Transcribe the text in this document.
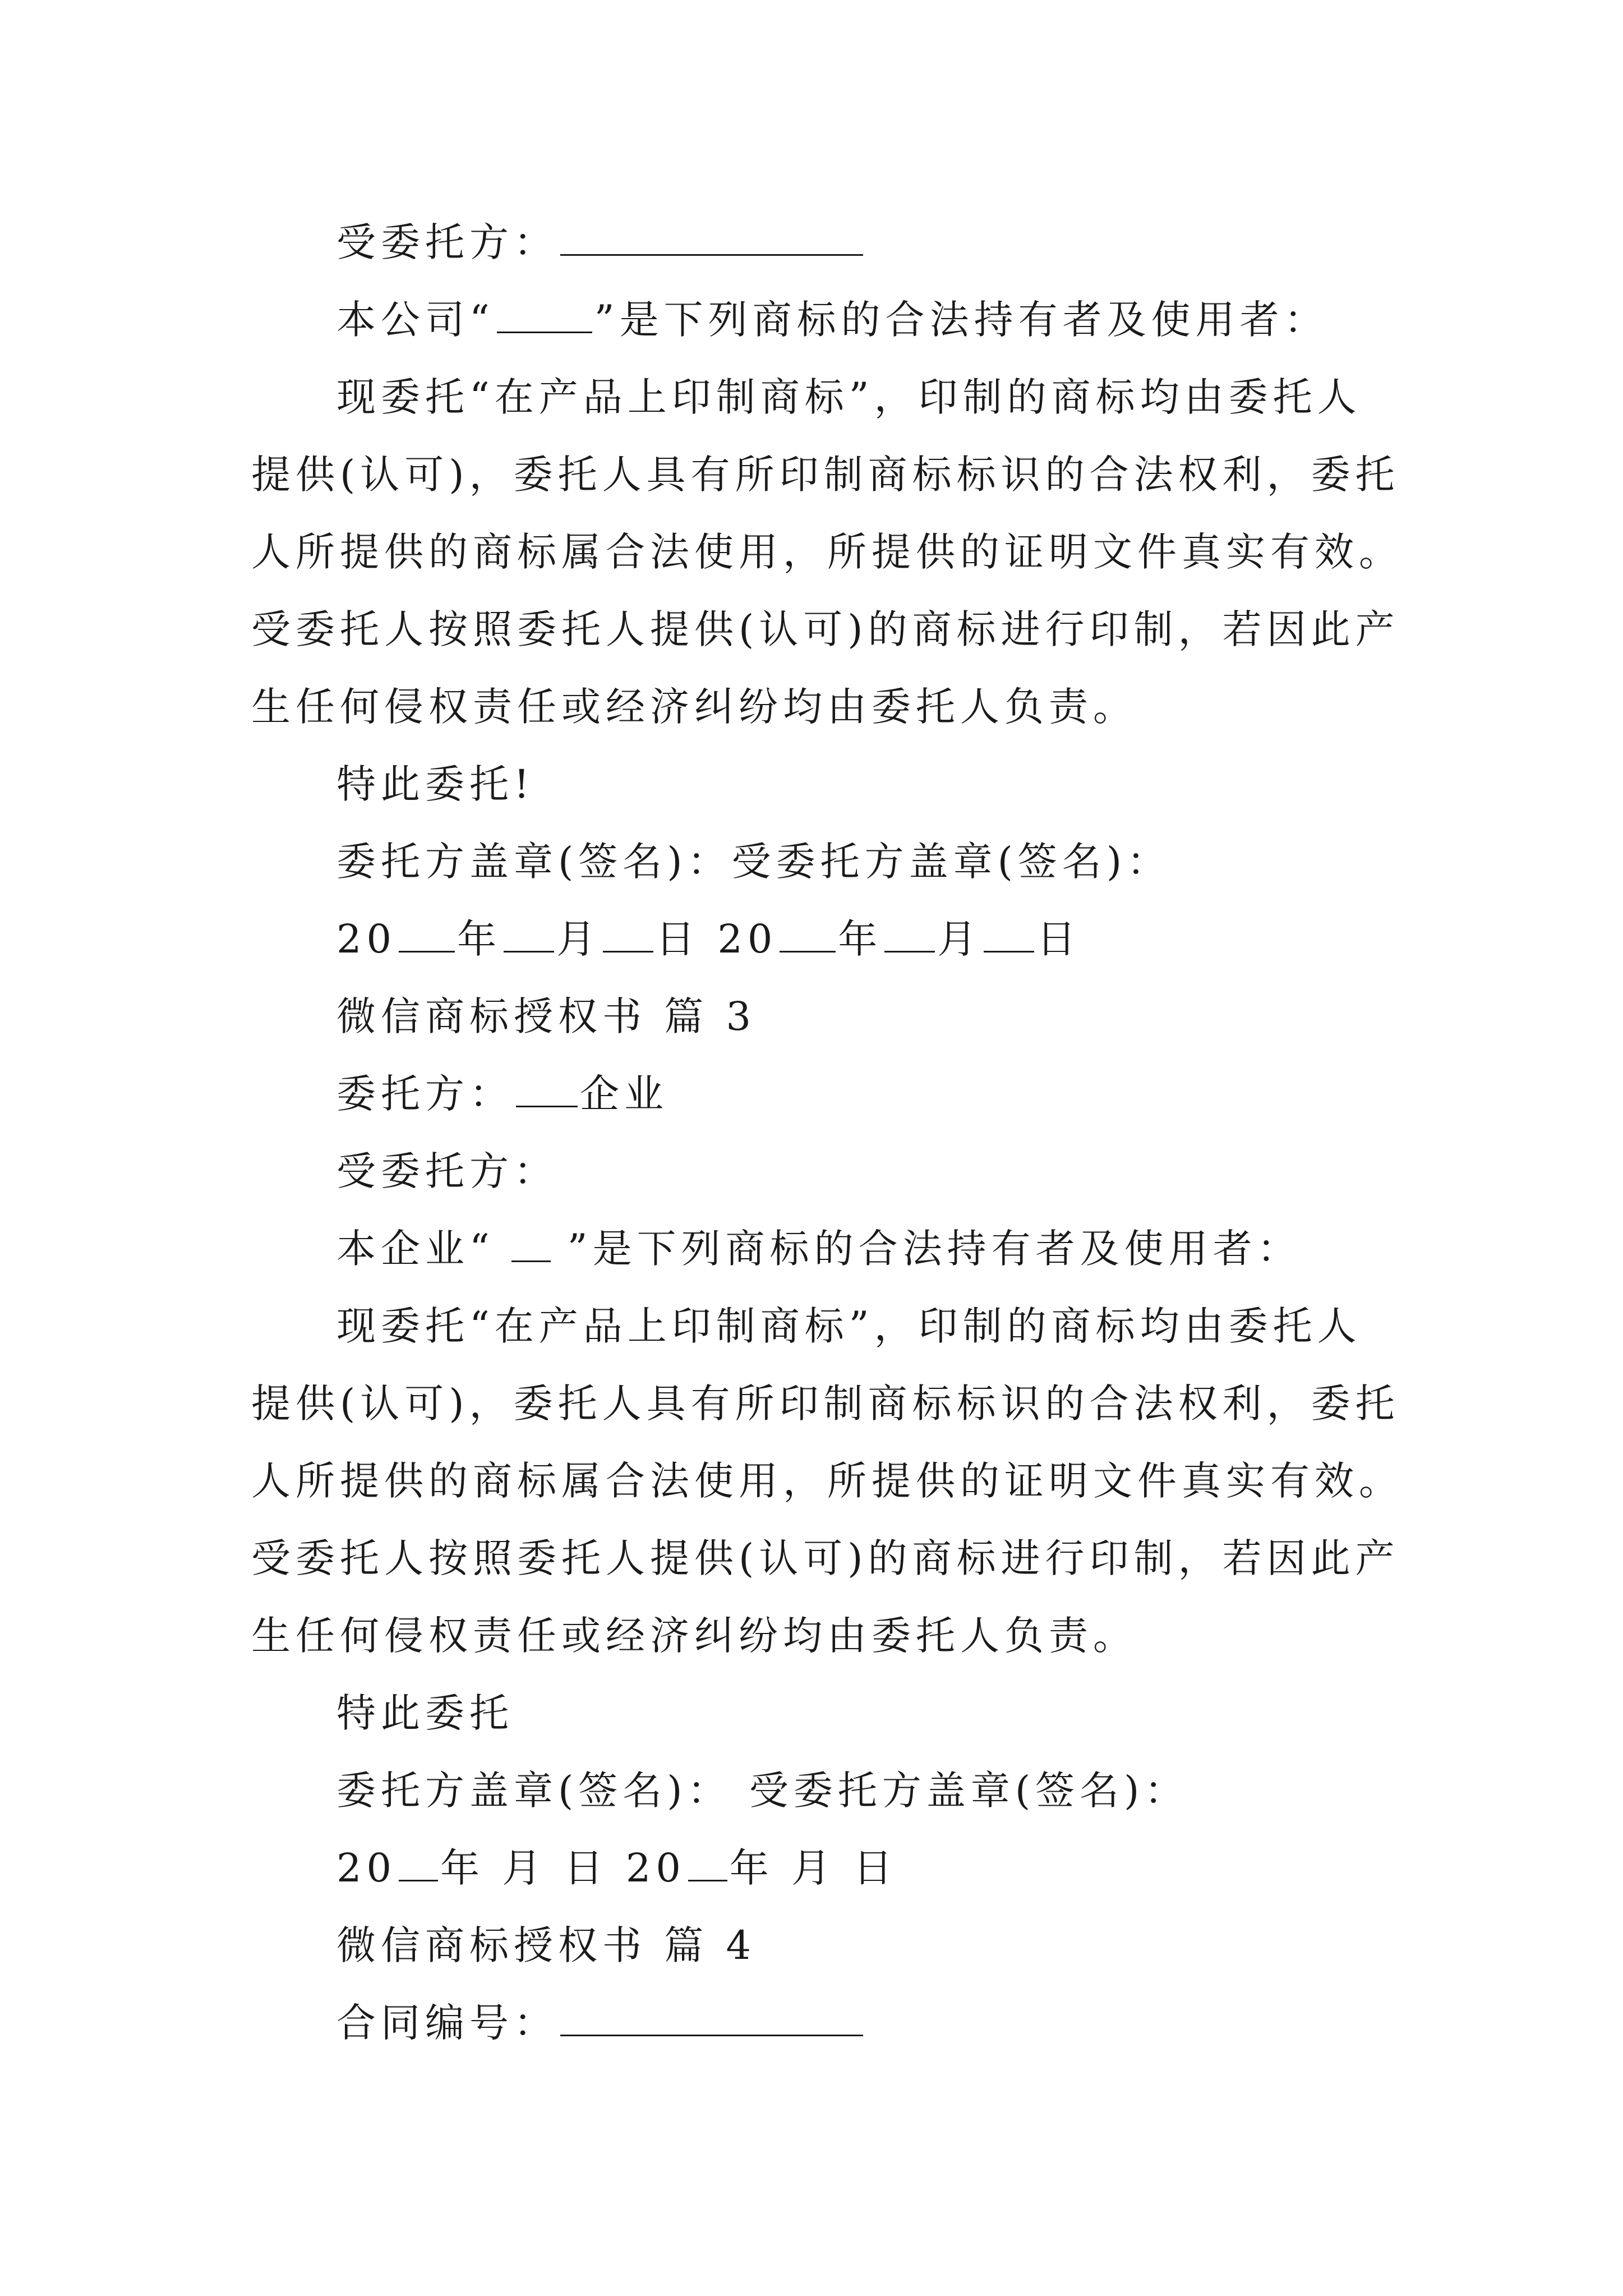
受委托方：
本公司“	”是下列商标的合法持有者及使用者：
现委托“在产品上印制商标”，印制的商标均由委托人
提供(认可)，委托人具有所印制商标标识的合法权利，委托
人所提供的商标属合法使用，所提供的证明文件真实有效。
受委托人按照委托人提供(认可)的商标进行印制，若因此产
生任何侵权责任或经济纠纷均由委托人负责。
特此委托!
委托方盖章(签名)：受委托方盖章(签名)：
20 年 月 日 20 年 月 日
微信商标授权书 篇 3
委托方： 企业
受委托方：
本企业“ ”是下列商标的合法持有者及使用者：
现委托“在产品上印制商标”，印制的商标均由委托人
提供(认可)，委托人具有所印制商标标识的合法权利，委托
人所提供的商标属合法使用，所提供的证明文件真实有效。
受委托人按照委托人提供(认可)的商标进行印制，若因此产
生任何侵权责任或经济纠纷均由委托人负责。
特此委托
委托方盖章(签名)： 受委托方盖章(签名)：
20 年 月 日 20 年 月 日
微信商标授权书 篇 4
合同编号：
